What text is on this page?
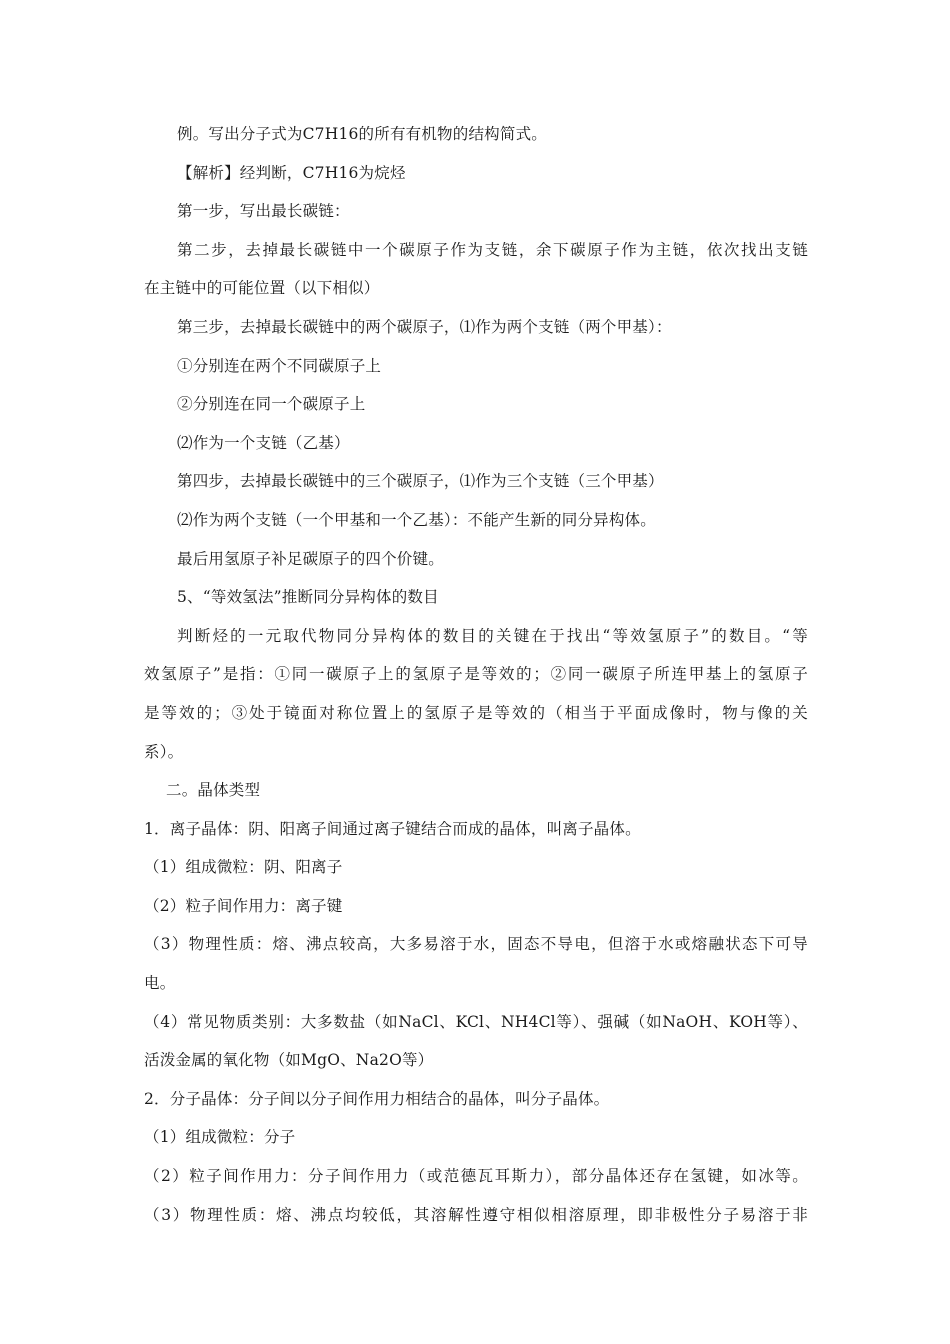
例。写出分子式为C7H16的所有有机物的结构简式。
【解析】经判断，C7H16为烷烃
第一步，写出最长碳链：
第二步，去掉最长碳链中一个碳原子作为支链，余下碳原子作为主链，依次找出支链
在主链中的可能位置（以下相似）
第三步，去掉最长碳链中的两个碳原子，⑴作为两个支链（两个甲基）：
①分别连在两个不同碳原子上
②分别连在同一个碳原子上
⑵作为一个支链（乙基）
第四步，去掉最长碳链中的三个碳原子，⑴作为三个支链（三个甲基）
⑵作为两个支链（一个甲基和一个乙基）：不能产生新的同分异构体。
最后用氢原子补足碳原子的四个价键。
5、“等效氢法”推断同分异构体的数目
判断烃的一元取代物同分异构体的数目的关键在于找出“等效氢原子”的数目。“等
效氢原子”是指：①同一碳原子上的氢原子是等效的；②同一碳原子所连甲基上的氢原子
是等效的；③处于镜面对称位置上的氢原子是等效的（相当于平面成像时，物与像的关
系）。
二。晶体类型
1．离子晶体：阴、阳离子间通过离子键结合而成的晶体，叫离子晶体。
（1）组成微粒：阴、阳离子
（2）粒子间作用力：离子键
（3）物理性质：熔、沸点较高，大多易溶于水，固态不导电，但溶于水或熔融状态下可导
电。
（4）常见物质类别：大多数盐（如NaCl、KCl、NH4Cl等）、强碱（如NaOH、KOH等）、
活泼金属的氧化物（如MgO、Na2O等）
2．分子晶体：分子间以分子间作用力相结合的晶体，叫分子晶体。
（1）组成微粒：分子
（2）粒子间作用力：分子间作用力（或范德瓦耳斯力），部分晶体还存在氢键，如冰等。
（3）物理性质：熔、沸点均较低，其溶解性遵守相似相溶原理，即非极性分子易溶于非
